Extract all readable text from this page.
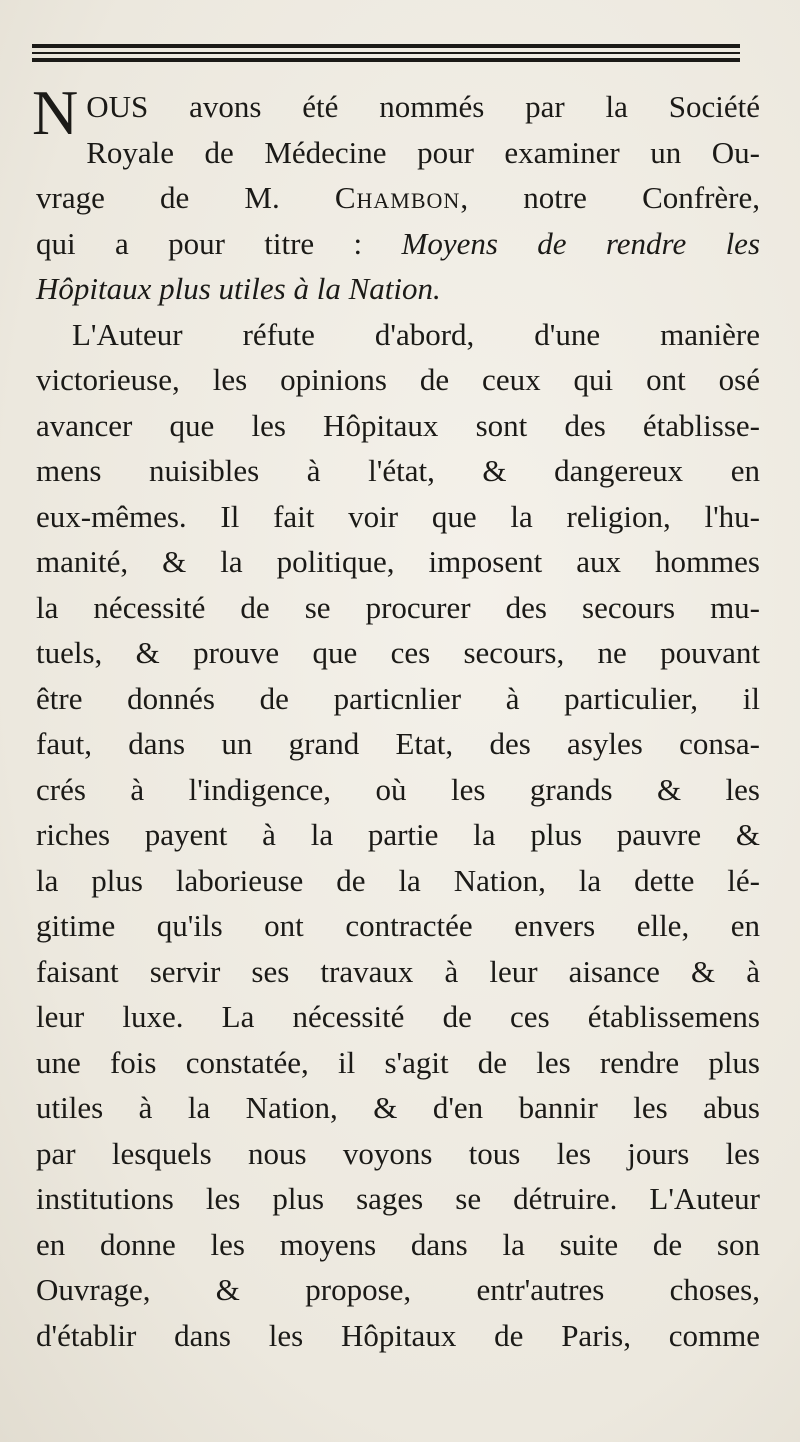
N OUS avons été nommés par la Société
Royale de Médecine pour examiner un Ou-
vrage de M. Chambon, notre Confrère,
qui a pour titre : Moyens de rendre les
Hôpitaux plus utiles à la Nation.
L'Auteur réfute d'abord, d'une manière
victorieuse, les opinions de ceux qui ont osé
avancer que les Hôpitaux sont des établisse-
mens nuisibles à l'état, & dangereux en
eux-mêmes. Il fait voir que la religion, l'hu-
manité, & la politique, imposent aux hommes
la nécessité de se procurer des secours mu-
tuels, & prouve que ces secours, ne pouvant
être donnés de particnlier à particulier, il
faut, dans un grand Etat, des asyles consa-
crés à l'indigence, où les grands & les
riches payent à la partie la plus pauvre &
la plus laborieuse de la Nation, la dette lé-
gitime qu'ils ont contractée envers elle, en
faisant servir ses travaux à leur aisance & à
leur luxe. La nécessité de ces établissemens
une fois constatée, il s'agit de les rendre plus
utiles à la Nation, & d'en bannir les abus
par lesquels nous voyons tous les jours les
institutions les plus sages se détruire. L'Auteur
en donne les moyens dans la suite de son
Ouvrage, & propose, entr'autres choses,
d'établir dans les Hôpitaux de Paris, comme
